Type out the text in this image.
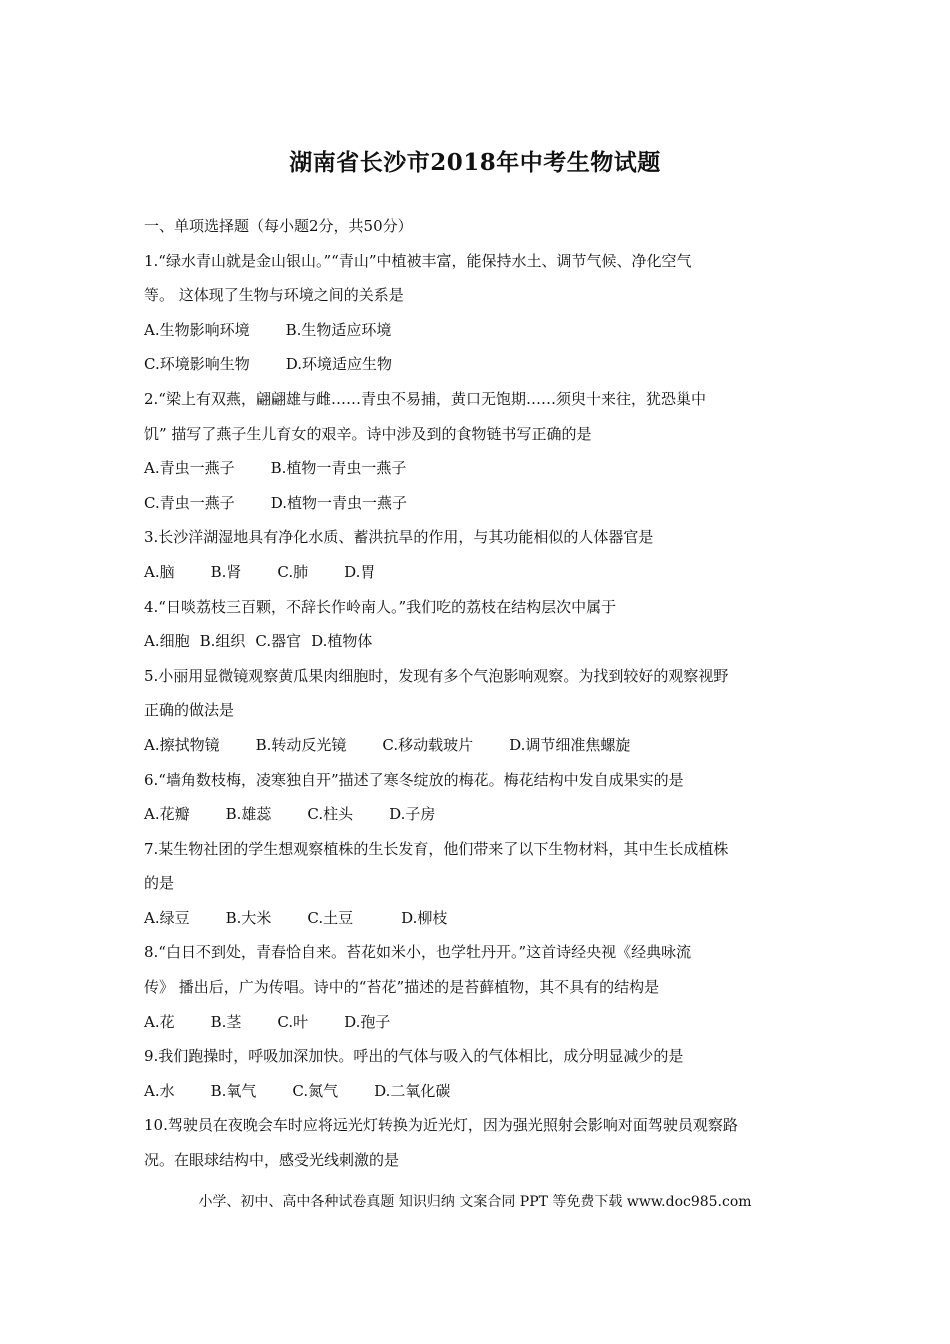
湖南省长沙市2018年中考生物试题
一、单项选择题（每小题2分，共50分）
1.“绿水青山就是金山银山。”“青山”中植被丰富，能保持水土、调节气候、净化空气
等。 这体现了生物与环境之间的关系是
A.生物影响环境 B.生物适应环境
C.环境影响生物 D.环境适应生物
2.“梁上有双燕，翩翩雄与雌……青虫不易捕，黄口无饱期……须臾十来往，犹恐巢中
饥” 描写了燕子生儿育女的艰辛。诗中涉及到的食物链书写正确的是
A.青虫一燕子 B.植物一青虫一燕子
C.青虫一燕子 D.植物一青虫一燕子
3.长沙洋湖湿地具有净化水质、蓄洪抗旱的作用，与其功能相似的人体器官是
A.脑 B.肾 C.肺 D.胃
4.“日啖荔枝三百颗，不辞长作岭南人。”我们吃的荔枝在结构层次中属于
A.细胞 B.组织 C.器官 D.植物体
5.小丽用显微镜观察黄瓜果肉细胞时，发现有多个气泡影响观察。为找到较好的观察视野
正确的做法是
A.擦拭物镜 B.转动反光镜 C.移动载玻片 D.调节细准焦螺旋
6.“墙角数枝梅，凌寒独自开”描述了寒冬绽放的梅花。梅花结构中发自成果实的是
A.花瓣 B.雄蕊 C.柱头 D.子房
7.某生物社团的学生想观察植株的生长发育，他们带来了以下生物材料，其中生长成植株
的是
A.绿豆 B.大米 C.土豆	D.柳枝
8.“白日不到处，青春恰自来。苔花如米小，也学牡丹开。”这首诗经央视《经典咏流
传》 播出后，广为传唱。诗中的“苔花”描述的是苔藓植物，其不具有的结构是
A.花 B.茎 C.叶 D.孢子
9.我们跑操时，呼吸加深加快。呼出的气体与吸入的气体相比，成分明显减少的是
A.水 B.氧气 C.氮气 D.二氧化碳
10.驾驶员在夜晚会车时应将远光灯转换为近光灯，因为强光照射会影响对面驾驶员观察路
况。在眼球结构中，感受光线刺激的是
小学、初中、高中各种试卷真题 知识归纳 文案合同 PPT 等免费下载 www.doc985.com
